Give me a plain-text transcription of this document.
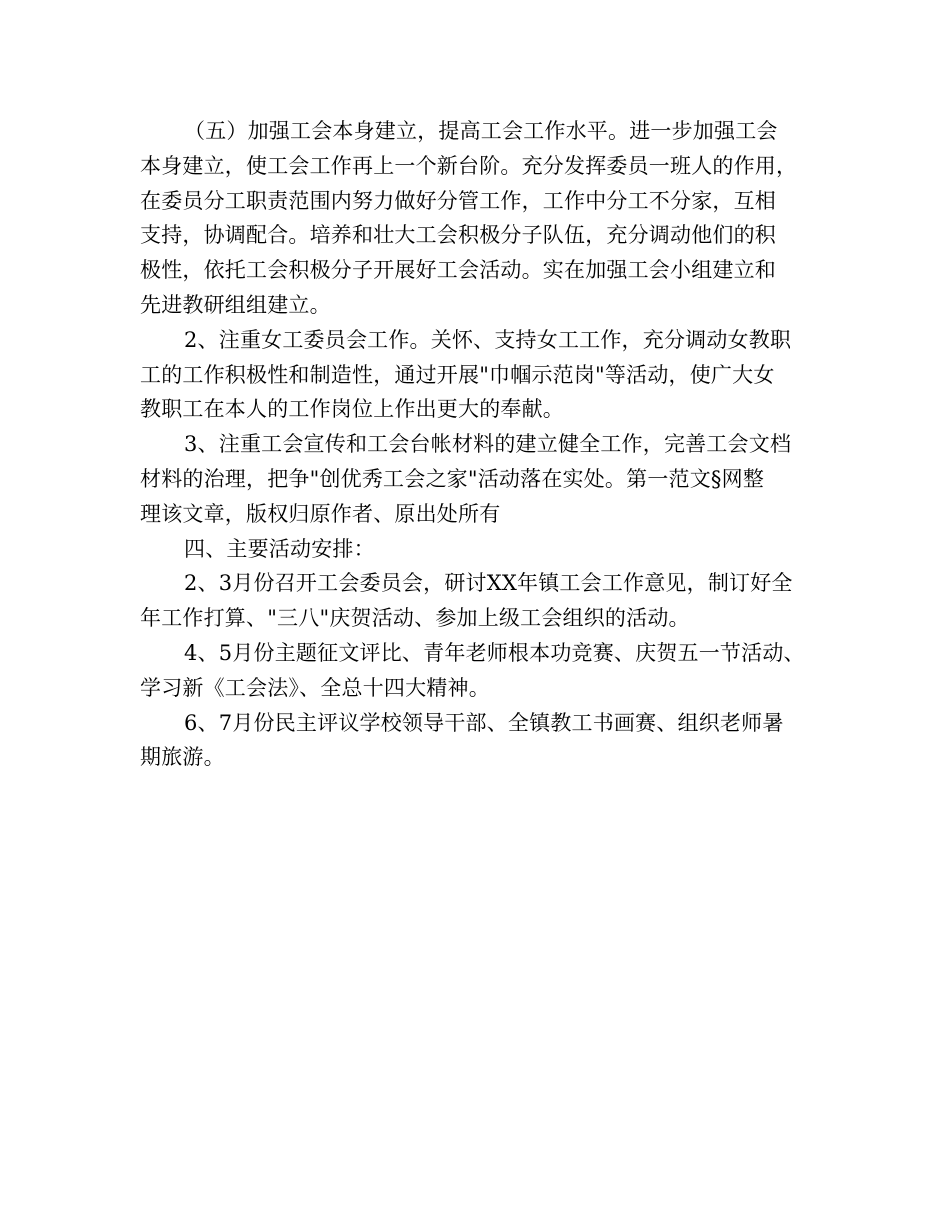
（五）加强工会本身建立，提高工会工作水平。进一步加强工会
本身建立，使工会工作再上一个新台阶。充分发挥委员一班人的作用，
在委员分工职责范围内努力做好分管工作，工作中分工不分家，互相
支持，协调配合。培养和壮大工会积极分子队伍，充分调动他们的积
极性，依托工会积极分子开展好工会活动。实在加强工会小组建立和
先进教研组组建立。
2、注重女工委员会工作。关怀、支持女工工作，充分调动女教职
工的工作积极性和制造性，通过开展"巾帼示范岗"等活动，使广大女
教职工在本人的工作岗位上作出更大的奉献。
3、注重工会宣传和工会台帐材料的建立健全工作，完善工会文档
材料的治理，把争"创优秀工会之家"活动落在实处。第一范文§网整
理该文章，版权归原作者、原出处所有
四、主要活动安排：
2、3月份召开工会委员会，研讨XX年镇工会工作意见，制订好全
年工作打算、"三八"庆贺活动、参加上级工会组织的活动。
4、5月份主题征文评比、青年老师根本功竞赛、庆贺五一节活动、
学习新《工会法》、全总十四大精神。
6、7月份民主评议学校领导干部、全镇教工书画赛、组织老师暑
期旅游。
